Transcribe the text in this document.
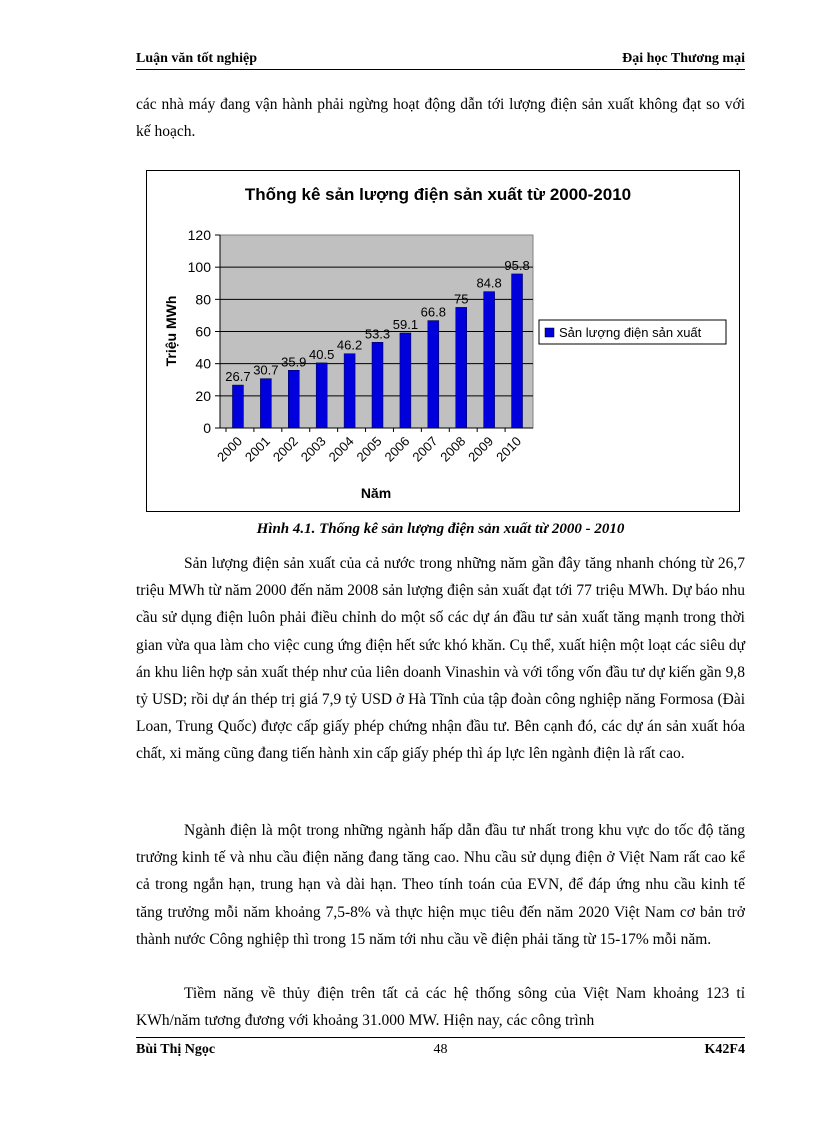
Luận văn tốt nghiệp	Đại học Thương mại
các nhà máy đang vận hành phải ngừng hoạt động dẫn tới lượng điện sản xuất không đạt so với kế hoạch.
Thống kê sản lượng điện sản xuất từ 2000-2010
0
20
40
60
80
100
120
26.7
2000
30.7
2001
35.9
2002
40.5
2003
46.2
2004
53.3
2005
59.1
2006
66.8
2007
75
2008
84.8
2009
95.8
2010
Năm
Triệu MWh	Sản lượng điện sản xuất
Hình 4.1. Thống kê sản lượng điện sản xuất từ 2000 - 2010
Sản lượng điện sản xuất của cả nước trong những năm gần đây tăng nhanh chóng từ 26,7 triệu MWh từ năm 2000 đến năm 2008 sản lượng điện sản xuất đạt tới 77 triệu MWh. Dự báo nhu cầu sử dụng điện luôn phải điều chỉnh do một số các dự án đầu tư sản xuất tăng mạnh trong thời gian vừa qua làm cho việc cung ứng điện hết sức khó khăn. Cụ thể, xuất hiện một loạt các siêu dự án khu liên hợp sản xuất thép như của liên doanh Vinashin và với tổng vốn đầu tư dự kiến gần 9,8 tỷ USD; rồi dự án thép trị giá 7,9 tỷ USD ở Hà Tĩnh của tập đoàn công nghiệp năng Formosa (Đài Loan, Trung Quốc) được cấp giấy phép chứng nhận đầu tư. Bên cạnh đó, các dự án sản xuất hóa chất, xi măng cũng đang tiến hành xin cấp giấy phép thì áp lực lên ngành điện là rất cao.
Ngành điện là một trong những ngành hấp dẫn đầu tư nhất trong khu vực do tốc độ tăng trưởng kinh tế và nhu cầu điện năng đang tăng cao. Nhu cầu sử dụng điện ở Việt Nam rất cao kể cả trong ngắn hạn, trung hạn và dài hạn. Theo tính toán của EVN, để đáp ứng nhu cầu kinh tế tăng trưởng mỗi năm khoảng 7,5-8% và thực hiện mục tiêu đến năm 2020 Việt Nam cơ bản trở thành nước Công nghiệp thì trong 15 năm tới nhu cầu về điện phải tăng từ 15-17% mỗi năm.
Tiềm năng về thủy điện trên tất cả các hệ thống sông của Việt Nam khoảng 123 tỉ KWh/năm tương đương với khoảng 31.000 MW. Hiện nay, các công trình
Bùi Thị Ngọc	48	K42F4
